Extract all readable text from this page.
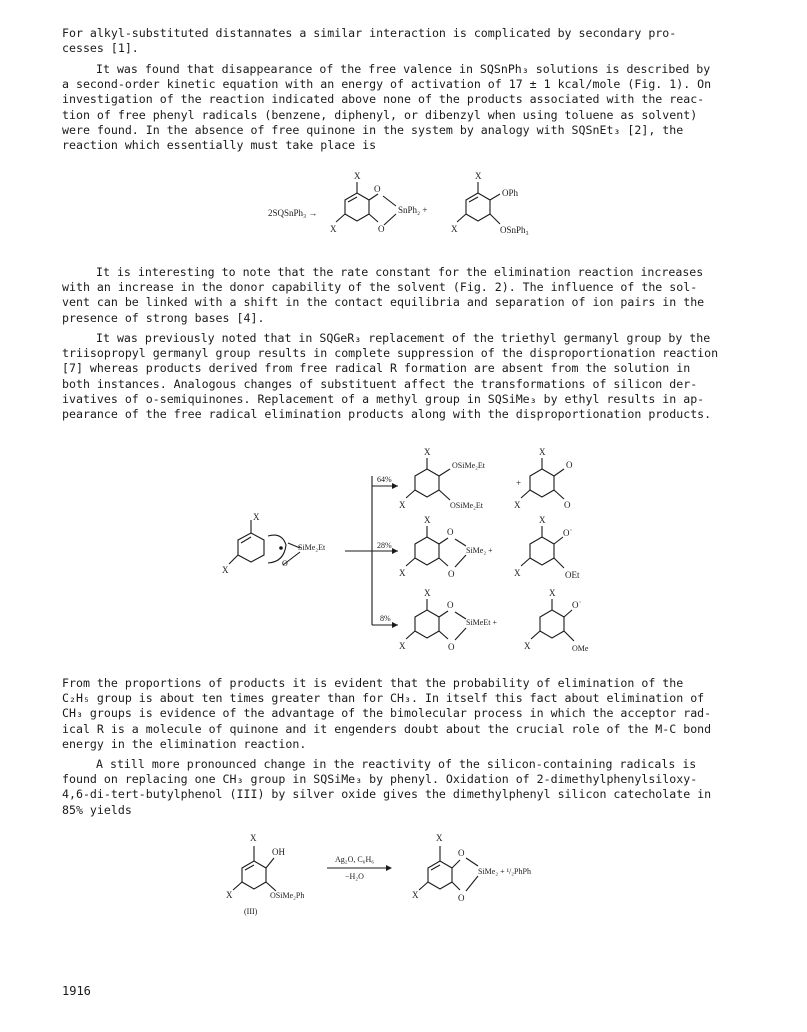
For alkyl-substituted distannates a similar interaction is complicated by secondary pro-
cesses [1].
It was found that disappearance of the free valence in SQSnPh₃ solutions is described by
a second-order kinetic equation with an energy of activation of 17 ± 1 kcal/mole (Fig. 1). On
investigation of the reaction indicated above none of the products associated with the reac-
tion of free phenyl radicals (benzene, diphenyl, or dibenzyl when using toluene as solvent)
were found. In the absence of free quinone in the system by analogy with SQSnEt₃ [2], the
reaction which essentially must take place is
2SQSnPh₃ →
X
X
O
O
SnPh₂ +
X
OPh
X	OSnPh₃
It is interesting to note that the rate constant for the elimination reaction increases
with an increase in the donor capability of the solvent (Fig. 2). The influence of the sol-
vent can be linked with a shift in the contact equilibria and separation of ion pairs in the
presence of strong bases [4].
It was previously noted that in SQGeR₃ replacement of the triethyl germanyl group by the
triisopropyl germanyl group results in complete suppression of the disproportionation reaction
[7] whereas products derived from free radical R formation are absent from the solution in
both instances. Analogous changes of substituent affect the transformations of silicon der-
ivatives of o-semiquinones. Replacement of a methyl group in SQSiMe₃ by ethyl results in ap-
pearance of the free radical elimination products along with the disproportionation products.
X
X
SiMe₂Et
O
64%
28%
8%
X
X
OSiMe₂Et
OSiMe₂Et
+
X
X
O
O
X
X
O
O
SiMe₂ +
X
X
O˙
OEt
X
X
O
O
SiMeEt +
X
X
O˙
OMe
From the proportions of products it is evident that the probability of elimination of the
C₂H₅ group is about ten times greater than for CH₃. In itself this fact about elimination of
CH₃ groups is evidence of the advantage of the bimolecular process in which the acceptor rad-
ical R is a molecule of quinone and it engenders doubt about the crucial role of the M-C bond
energy in the elimination reaction.
A still more pronounced change in the reactivity of the silicon-containing radicals is
found on replacing one CH₃ group in SQSiMe₃ by phenyl. Oxidation of 2-dimethylphenylsiloxy-
4,6-di-tert-butylphenol (III) by silver oxide gives the dimethylphenyl silicon catecholate in
85% yields
X
OH
X	OSiMe₂Ph
(III)
Ag₂O, C₆H₆
−H₂O
X
X
O
O
SiMe₂ + ¹/₂PhPh
1916
